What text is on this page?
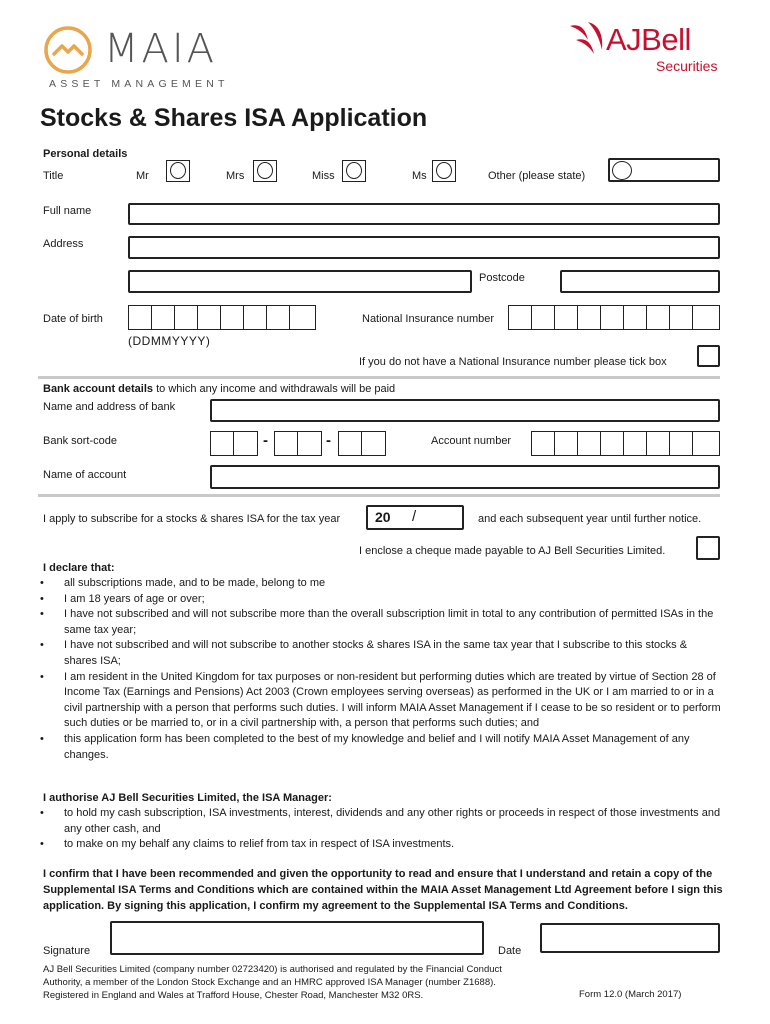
MAIA
ASSET MANAGEMENT
AJBell
Securities
Stocks & Shares ISA Application
Personal details
Title	Mr	Mrs	Miss	Ms	Other (please state)
Full name
Address
Postcode
Date of birth
(DDMMYYYY)
National Insurance number
If you do not have a National Insurance number please tick box
Bank account details to which any income and withdrawals will be paid
Name and address of bank
Bank sort-code	-	-	Account number
Name of account
I apply to subscribe for a stocks & shares ISA for the tax year 20 /	and each subsequent year until further notice.
I enclose a cheque made payable to AJ Bell Securities Limited.
I declare that:
• all subscriptions made, and to be made, belong to me
• I am 18 years of age or over;
• I have not subscribed and will not subscribe more than the overall subscription limit in total to any contribution of permitted ISAs in the same tax year;
• I have not subscribed and will not subscribe to another stocks & shares ISA in the same tax year that I subscribe to this stocks & shares ISA;
• I am resident in the United Kingdom for tax purposes or non-resident but performing duties which are treated by virtue of Section 28 of Income Tax (Earnings and Pensions) Act 2003 (Crown employees serving overseas) as performed in the UK or I am married to or in a civil partnership with a person that performs such duties. I will inform MAIA Asset Management if I cease to be so resident or to perform such duties or be married to, or in a civil partnership with, a person that performs such duties; and
• this application form has been completed to the best of my knowledge and belief and I will notify MAIA Asset Management of any changes.
I authorise AJ Bell Securities Limited, the ISA Manager:
• to hold my cash subscription, ISA investments, interest, dividends and any other rights or proceeds in respect of those investments and any other cash, and
• to make on my behalf any claims to relief from tax in respect of ISA investments.
I confirm that I have been recommended and given the opportunity to read and ensure that I understand and retain a copy of the Supplemental ISA Terms and Conditions which are contained within the MAIA Asset Management Ltd Agreement before I sign this application. By signing this application, I confirm my agreement to the Supplemental ISA Terms and Conditions.
Signature	Date
AJ Bell Securities Limited (company number 02723420) is authorised and regulated by the Financial Conduct
Authority, a member of the London Stock Exchange and an HMRC approved ISA Manager (number Z1688).
Registered in England and Wales at Trafford House, Chester Road, Manchester M32 0RS.	Form 12.0 (March 2017)
